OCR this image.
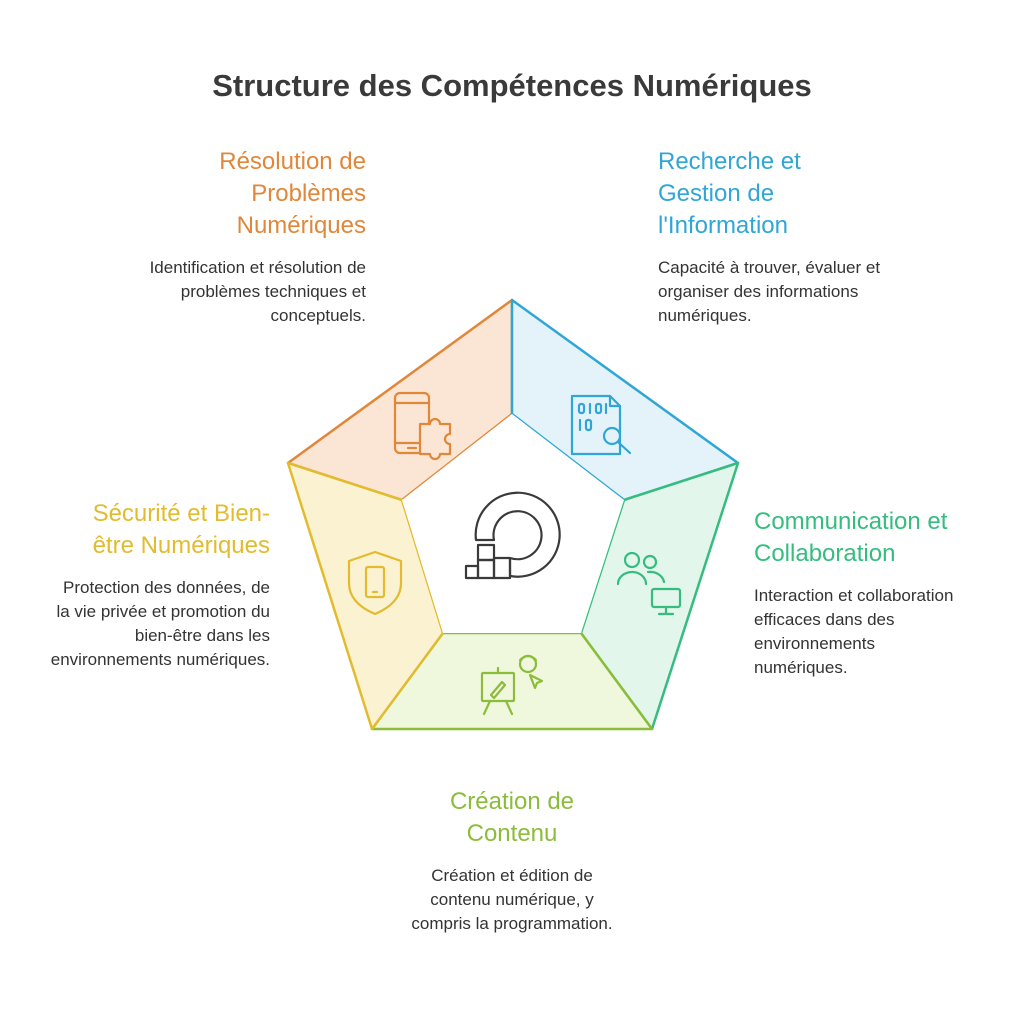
Structure des Compétences Numériques

Résolution de Problèmes Numériques

Identification et résolution de problèmes techniques et conceptuels.

Recherche et Gestion de l'Information

Capacité à trouver, évaluer et organiser des informations numériques.

Communication et Collaboration

Interaction et collaboration efficaces dans des environnements numériques.

Sécurité et Bien-être Numériques

Protection des données, de la vie privée et promotion du bien-être dans les environnements numériques.

Création de Contenu

Création et édition de contenu numérique, y compris la programmation.
